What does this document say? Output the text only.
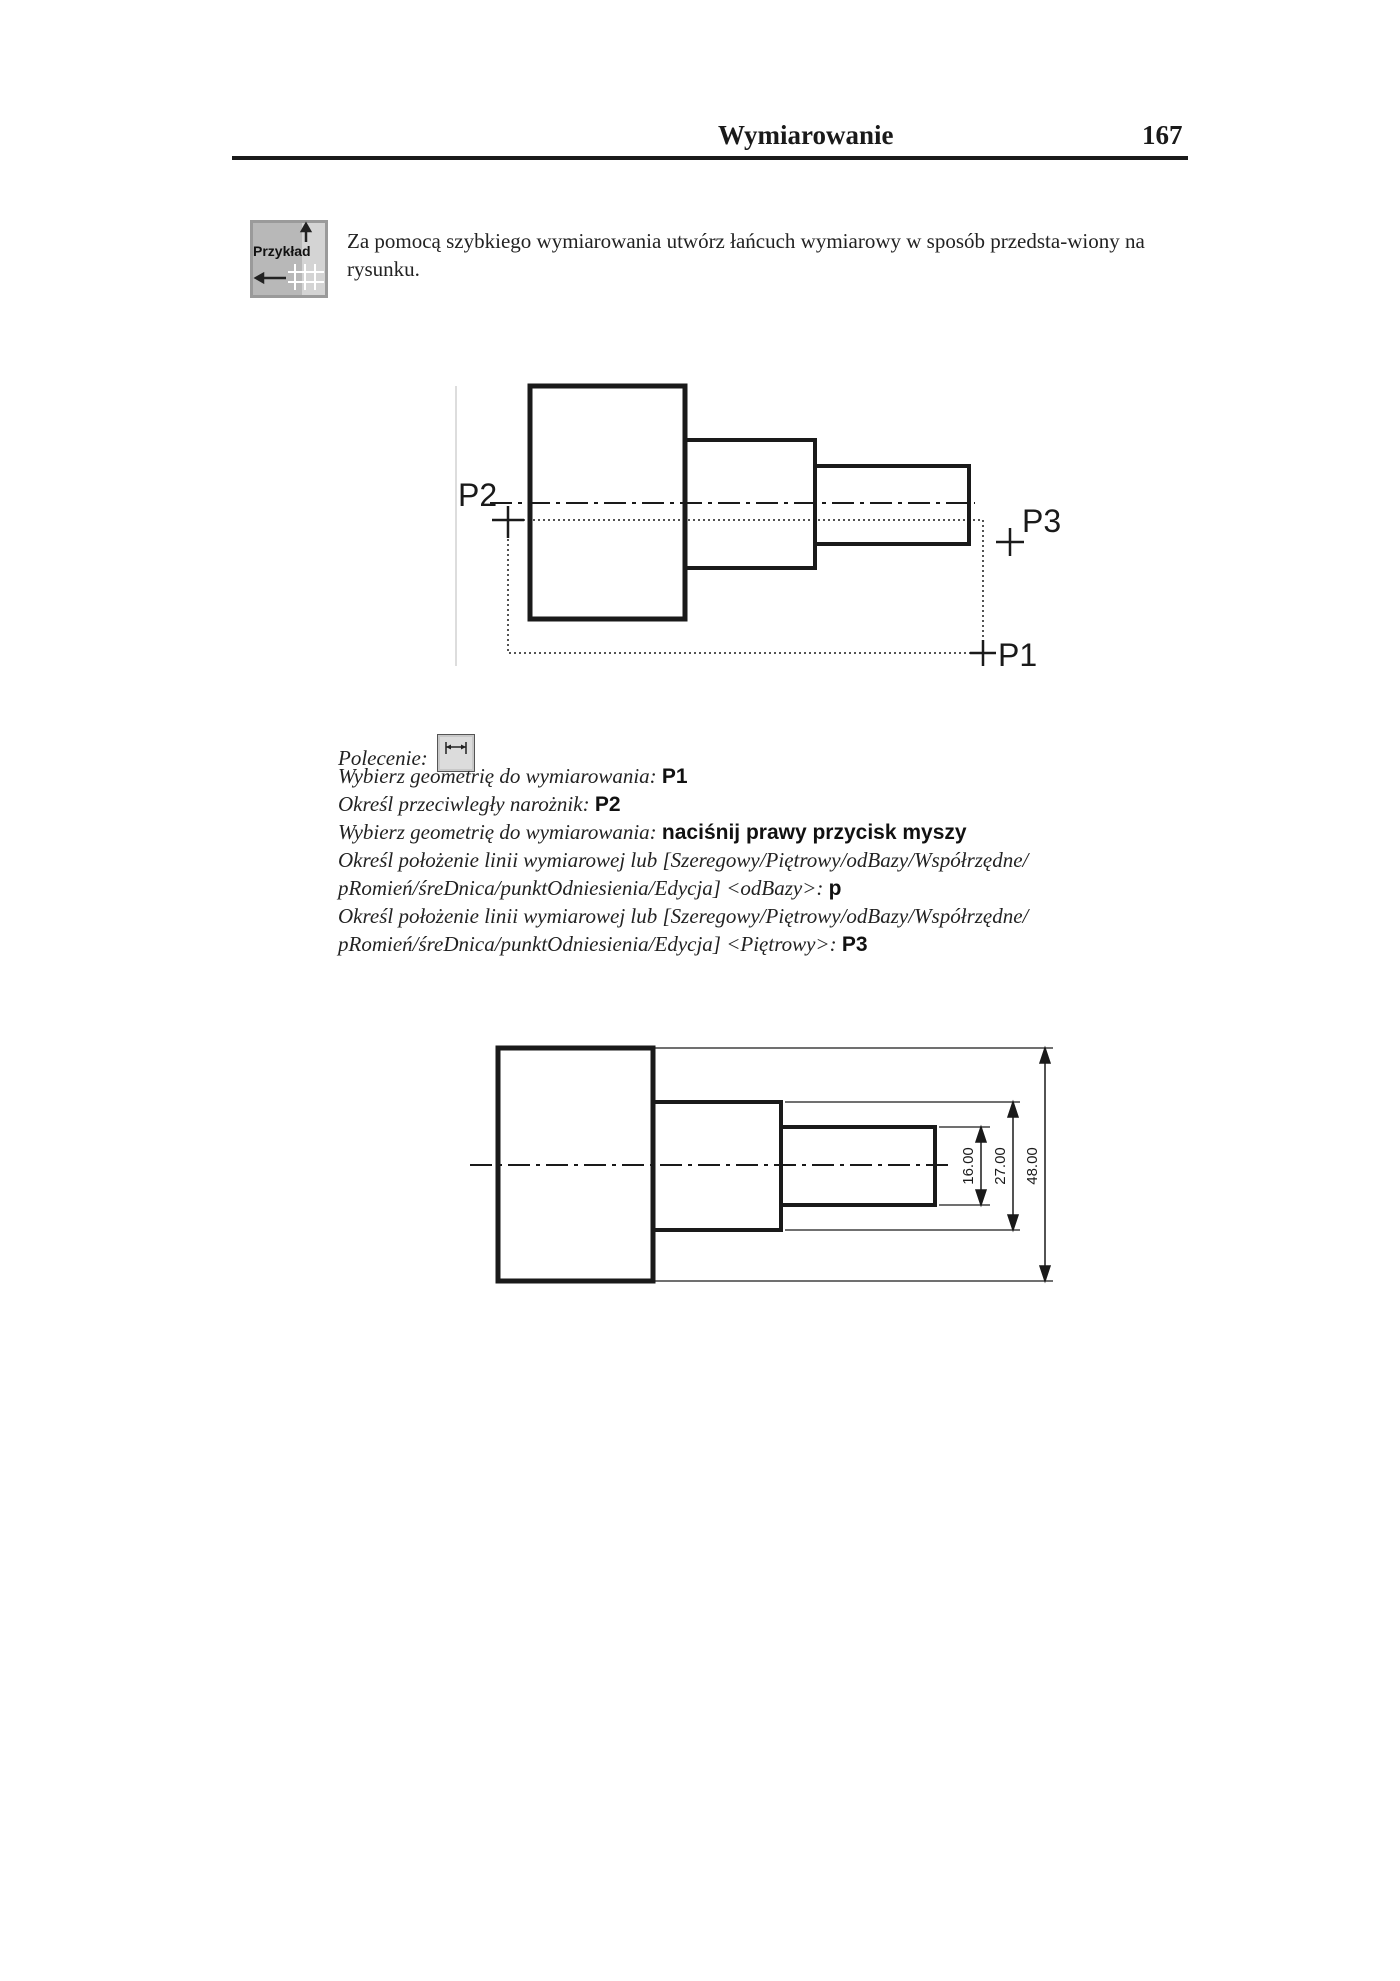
Wymiarowanie	167
Przykład Za pomocą szybkiego wymiarowania utwórz łańcuch wymiarowy w sposób przedsta-wiony na rysunku.
P2
P3
P1
Polecenie:
Wybierz geometrię do wymiarowania: P1
Określ przeciwległy narożnik: P2
Wybierz geometrię do wymiarowania: naciśnij prawy przycisk myszy
Określ położenie linii wymiarowej lub [Szeregowy/Piętrowy/odBazy/Współrzędne/
pRomień/śreDnica/punktOdniesienia/Edycja] <odBazy>: p
Określ położenie linii wymiarowej lub [Szeregowy/Piętrowy/odBazy/Współrzędne/
pRomień/śreDnica/punktOdniesienia/Edycja] <Piętrowy>: P3
16.00 27.00 48.00
